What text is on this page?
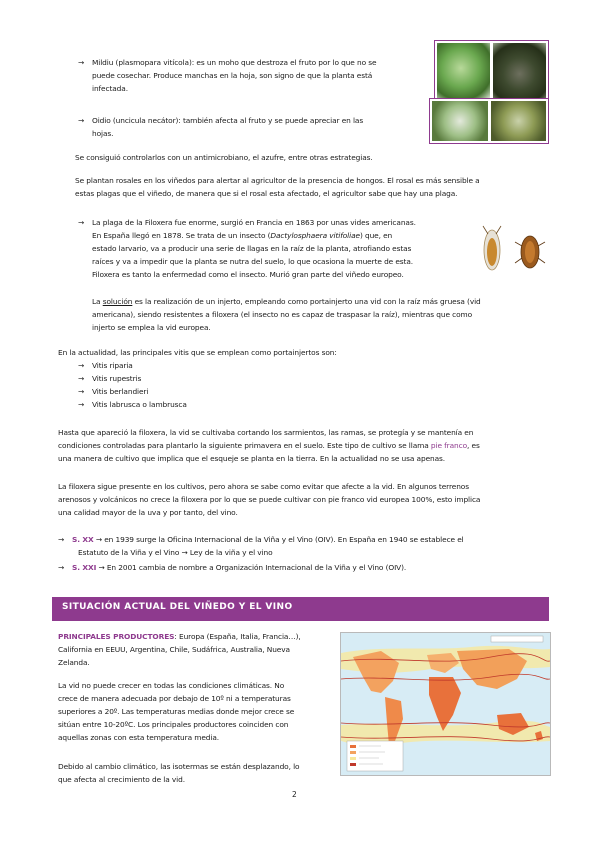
→ Mildiu (plasmopara vitícola): es un moho que destroza el fruto por lo que no se
puede cosechar. Produce manchas en la hoja, son signo de que la planta está
infectada.
→ Oidio (uncicula necátor): también afecta al fruto y se puede apreciar en las
hojas.
Se consiguió controlarlos con un antimicrobiano, el azufre, entre otras estrategias.
Se plantan rosales en los viñedos para alertar al agricultor de la presencia de hongos. El rosal es más sensible a
estas plagas que el viñedo, de manera que si el rosal esta afectado, el agricultor sabe que hay una plaga.
→ La plaga de la Filoxera fue enorme, surgió en Francia en 1863 por unas vides americanas.
En España llegó en 1878. Se trata de un insecto (Dactylosphaera vitifoliae) que, en
estado larvario, va a producir una serie de llagas en la raíz de la planta, atrofiando estas
raíces y va a impedir que la planta se nutra del suelo, lo que ocasiona la muerte de esta.
Filoxera es tanto la enfermedad como el insecto. Murió gran parte del viñedo europeo.
La solución es la realización de un injerto, empleando como portainjerto una vid con la raíz más gruesa (vid
americana), siendo resistentes a filoxera (el insecto no es capaz de traspasar la raíz), mientras que como
injerto se emplea la vid europea.
En la actualidad, las principales vitis que se emplean como portainjertos son:
→ Vitis riparia
→ Vitis rupestris
→ Vitis berlandieri
→ Vitis labrusca o lambrusca
Hasta que apareció la filoxera, la vid se cultivaba cortando los sarmientos, las ramas, se protegía y se mantenía en
condiciones controladas para plantarlo la siguiente primavera en el suelo. Este tipo de cultivo se llama pie franco, es
una manera de cultivo que implica que el esqueje se planta en la tierra. En la actualidad no se usa apenas.
La filoxera sigue presente en los cultivos, pero ahora se sabe como evitar que afecte a la vid. En algunos terrenos
arenosos y volcánicos no crece la filoxera por lo que se puede cultivar con pie franco vid europea 100%, esto implica
una calidad mayor de la uva y por tanto, del vino.
→ S. XX → en 1939 surge la Oficina Internacional de la Viña y el Vino (OIV). En España en 1940 se establece el
Estatuto de la Viña y el Vino → Ley de la viña y el vino
→ S. XXI → En 2001 cambia de nombre a Organización Internacional de la Viña y el Vino (OIV).
SITUACIÓN ACTUAL DEL VIÑEDO Y EL VINO
PRINCIPALES PRODUCTORES: Europa (España, Italia, Francia…),
California en EEUU, Argentina, Chile, Sudáfrica, Australia, Nueva
Zelanda.
La vid no puede crecer en todas las condiciones climáticas. No
crece de manera adecuada por debajo de 10º ni a temperaturas
superiores a 20º. Las temperaturas medias donde mejor crece se
sitúan entre 10-20ºC. Los principales productores coinciden con
aquellas zonas con esta temperatura media.
Debido al cambio climático, las isotermas se están desplazando, lo
que afecta al crecimiento de la vid.
2
